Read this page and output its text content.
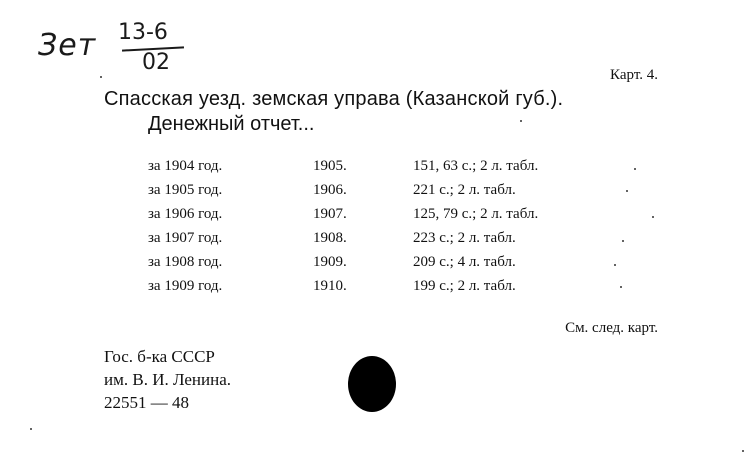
Зет 13-6
02	Карт. 4.
Спасская уезд. земская управа (Казанской губ.).
Денежный отчет...
за 1904 год.	1905.	151, 63 с.; 2 л. табл.
за 1905 год.	1906.	221 с.; 2 л. табл.
за 1906 год.	1907.	125, 79 с.; 2 л. табл.
за 1907 год.	1908.	223 с.; 2 л. табл.
за 1908 год.	1909.	209 с.; 4 л. табл.
за 1909 год.	1910.	199 с.; 2 л. табл.
См. след. карт.
Гос. б-ка СССР
им. В. И. Ленина.
22551 — 48
